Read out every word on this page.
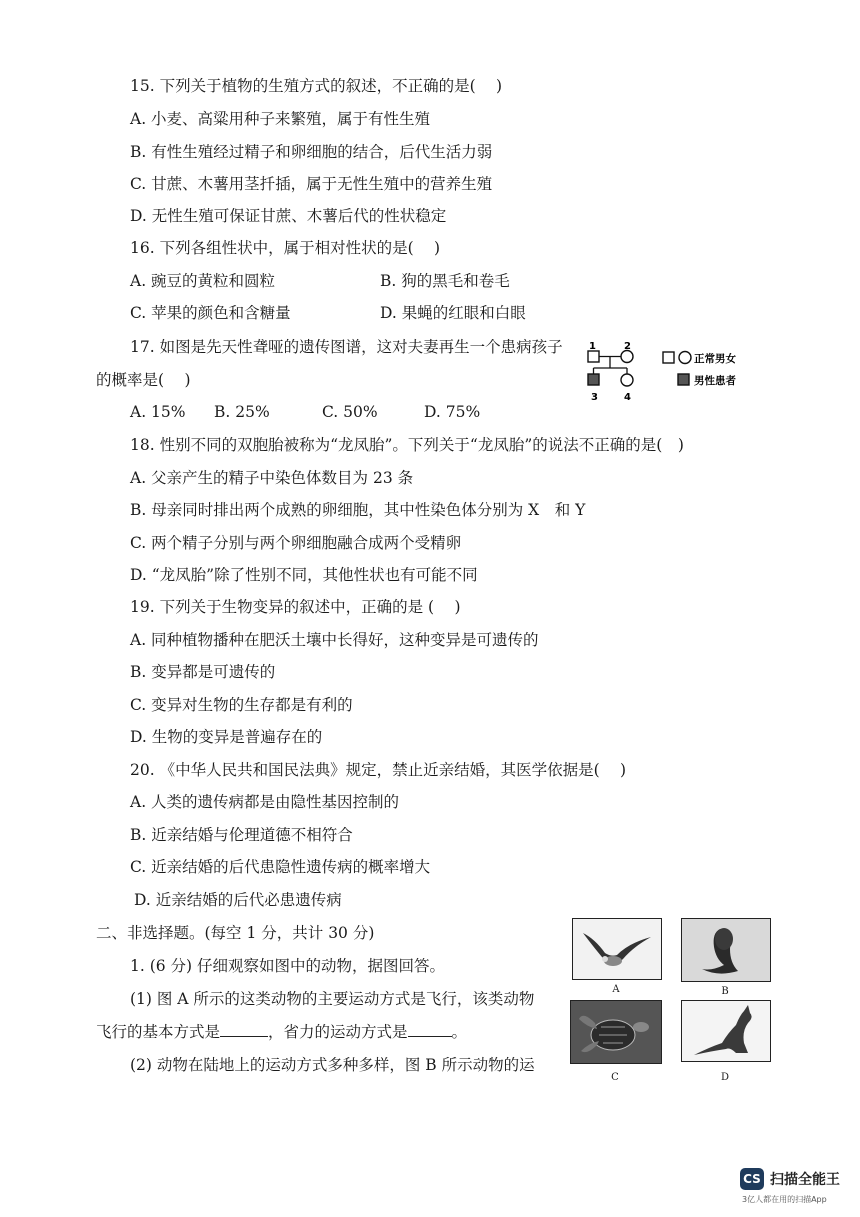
15. 下列关于植物的生殖方式的叙述，不正确的是(　 )
A. 小麦、高粱用种子来繁殖，属于有性生殖
B. 有性生殖经过精子和卵细胞的结合，后代生活力弱
C. 甘蔗、木薯用茎扦插，属于无性生殖中的营养生殖
D. 无性生殖可保证甘蔗、木薯后代的性状稳定
16. 下列各组性状中，属于相对性状的是(　 )
A. 豌豆的黄粒和圆粒	B. 狗的黑毛和卷毛
C. 苹果的颜色和含糖量	D. 果蝇的红眼和白眼
17. 如图是先天性聋哑的遗传图谱，这对夫妻再生一个患病孩子
的概率是(　 )
A. 15% B. 25%	C. 50%	D. 75%
3	4
1	2
正常男女
男性患者
18. 性别不同的双胞胎被称为“龙凤胎”。下列关于“龙凤胎”的说法不正确的是(　)
A. 父亲产生的精子中染色体数目为 23 条
B. 母亲同时排出两个成熟的卵细胞，其中性染色体分别为 X　和 Y
C. 两个精子分别与两个卵细胞融合成两个受精卵
D. “龙凤胎”除了性别不同，其他性状也有可能不同
19. 下列关于生物变异的叙述中，正确的是 (　 )
A. 同种植物播种在肥沃土壤中长得好，这种变异是可遗传的
B. 变异都是可遗传的
C. 变异对生物的生存都是有利的
D. 生物的变异是普遍存在的
20. 《中华人民共和国民法典》规定，禁止近亲结婚，其医学依据是(　 )
A. 人类的遗传病都是由隐性基因控制的
B. 近亲结婚与伦理道德不相符合
C. 近亲结婚的后代患隐性遗传病的概率增大
D. 近亲结婚的后代必患遗传病
二、非选择题。(每空 1 分，共计 30 分)
1. (6 分) 仔细观察如图中的动物，据图回答。
(1) 图 A 所示的这类动物的主要运动方式是飞行，该类动物
飞行的基本方式是	，省力的运动方式是	。
(2) 动物在陆地上的运动方式多种多样，图 B 所示动物的运
A	B
C	D
CS 扫描全能王
3亿人都在用的扫描App
